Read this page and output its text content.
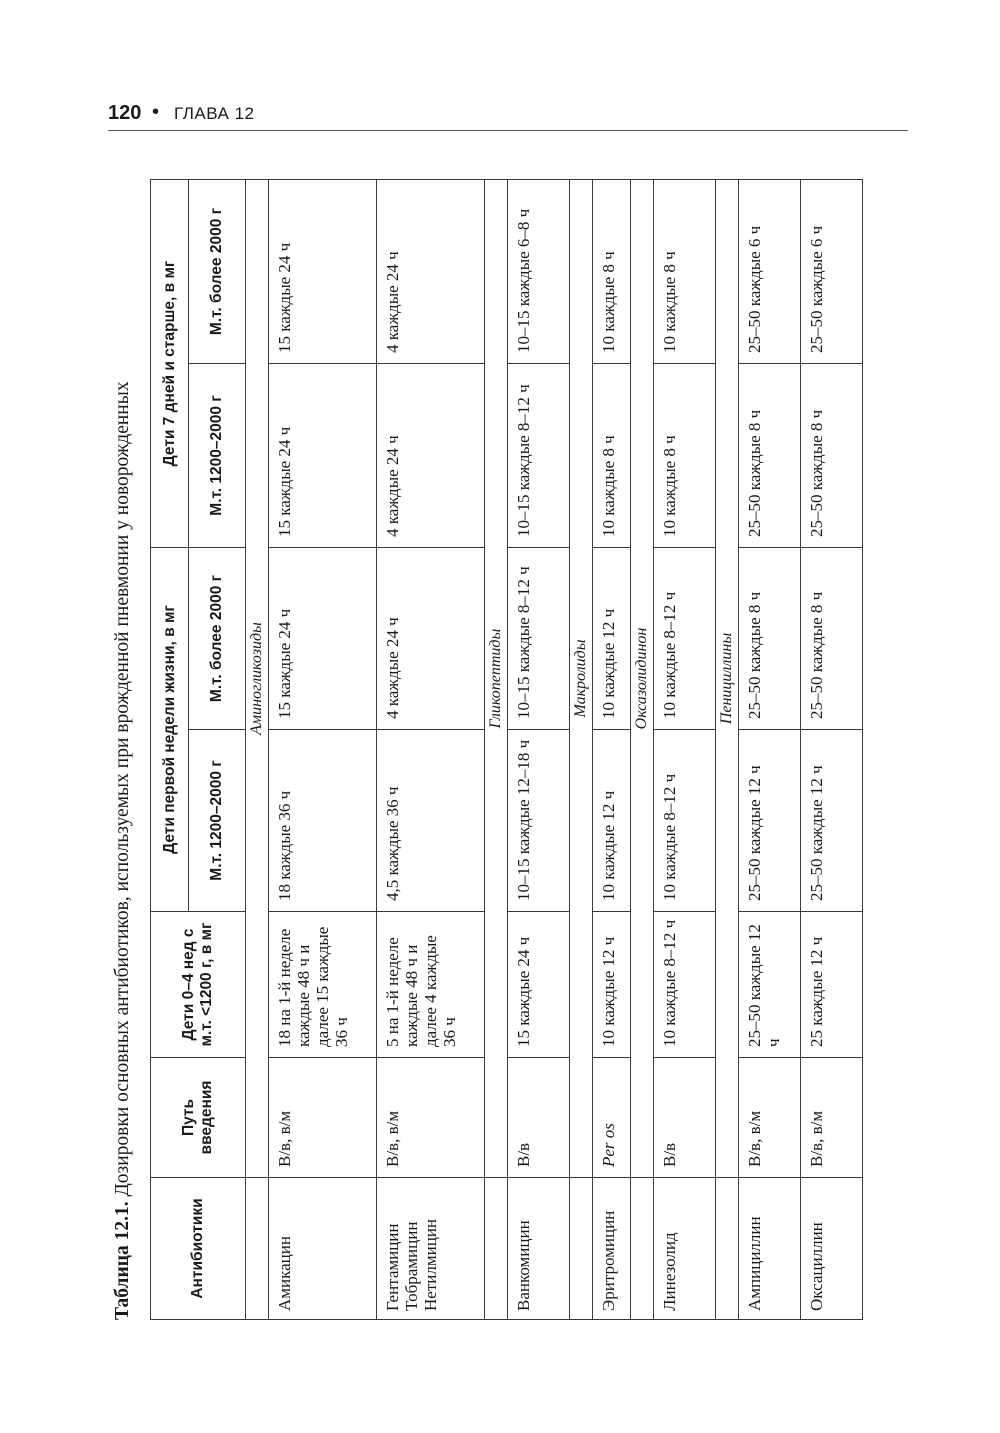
120 • ГЛАВА 12
Таблица 12.1. Дозировки основных антибиотиков, используемых при врожденной пневмонии у новорожденных
Антибиотики	Путь введения	Дети 0–4 нед с м.т. <1200 г, в мг	Дети первой недели жизни, в мг		Дети 7 дней и старше, в мг	
			М.т. 1200–2000 г	М.т. более 2000 г	М.т. 1200–2000 г	М.т. более 2000 г
	Аминогликозиды					
Амикацин	В/в, в/м	18 на 1-й неделе каждые 48 ч и далее 15 каждые 36 ч	18 каждые 36 ч	15 каждые 24 ч	15 каждые 24 ч	15 каждые 24 ч
Гентамицин Тобрамицин Нетилмицин	В/в, в/м	5 на 1-й неделе каждые 48 ч и далее 4 каждые 36 ч	4,5 каждые 36 ч	4 каждые 24 ч	4 каждые 24 ч	4 каждые 24 ч
	Гликопептиды					
Ванкомицин	В/в	15 каждые 24 ч	10–15 каждые 12–18 ч	10–15 каждые 8–12 ч	10–15 каждые 8–12 ч	10–15 каждые 6–8 ч
	Макролиды					
Эритромицин	Per os	10 каждые 12 ч	10 каждые 12 ч	10 каждые 12 ч	10 каждые 8 ч	10 каждые 8 ч
	Оксазолидинон					
Линезолид	В/в	10 каждые 8–12 ч	10 каждые 8–12 ч	10 каждые 8–12 ч	10 каждые 8 ч	10 каждые 8 ч
	Пенициллины					
Ампициллин	В/в, в/м	25–50 каждые 12 ч	25–50 каждые 12 ч	25–50 каждые 8 ч	25–50 каждые 8 ч	25–50 каждые 6 ч
Оксациллин	В/в, в/м	25 каждые 12 ч	25–50 каждые 12 ч	25–50 каждые 8 ч	25–50 каждые 8 ч	25–50 каждые 6 ч
